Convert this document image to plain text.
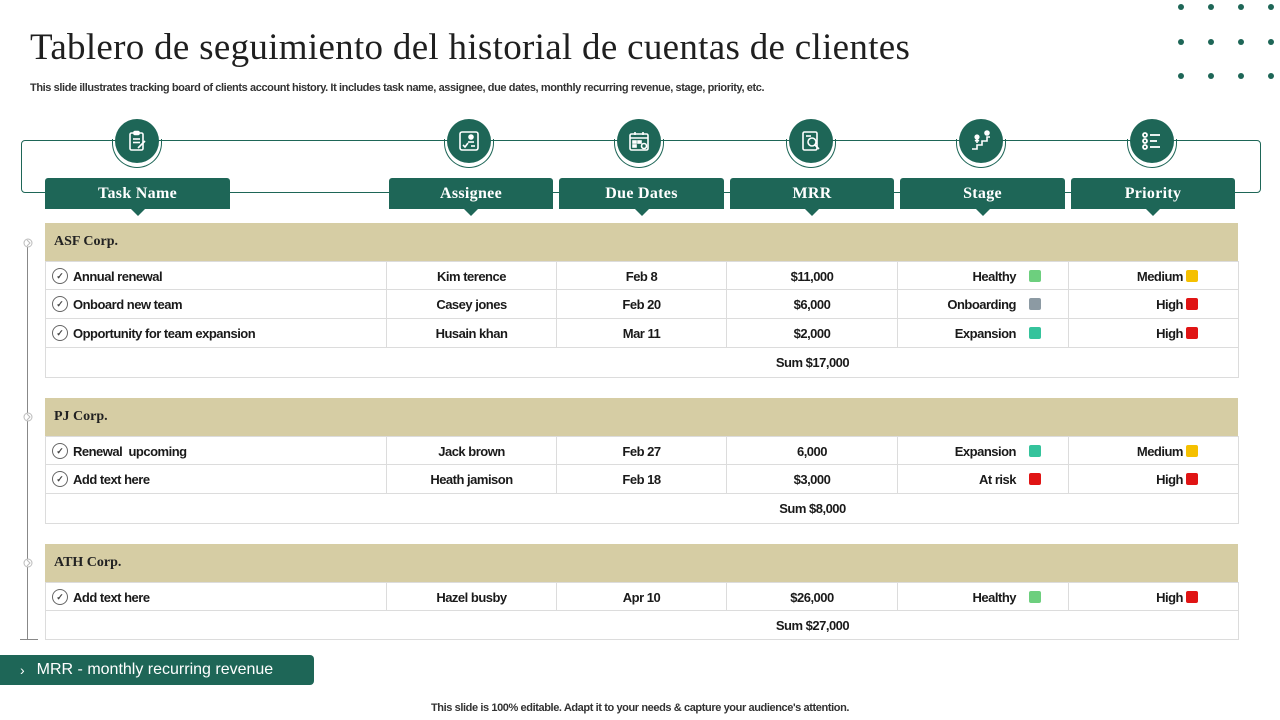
Tablero de seguimiento del historial de cuentas de clientes
This slide illustrates tracking board of clients account history. It includes task name, assignee, due dates, monthly recurring revenue, stage, priority, etc.
Task Name	Assignee	Due Dates	MRR	Stage	Priority
ASF Corp.
✓ Annual renewal	Kim terence	Feb 8	$11,000	Healthy	Medium
✓ Onboard new team	Casey jones	Feb 20	$6,000	Onboarding	High
✓ Opportunity for team expansion	Husain khan	Mar 11	$2,000	Expansion	High
Sum $17,000
PJ Corp.
✓ Renewal  upcoming	Jack brown	Feb 27	6,000	Expansion	Medium
✓ Add text here	Heath jamison	Feb 18	$3,000	At risk	High
Sum $8,000
ATH Corp.
✓ Add text here	Hazel busby	Apr 10	$26,000	Healthy	High
Sum $27,000
› MRR - monthly recurring revenue
This slide is 100% editable. Adapt it to your needs & capture your audience's attention.
